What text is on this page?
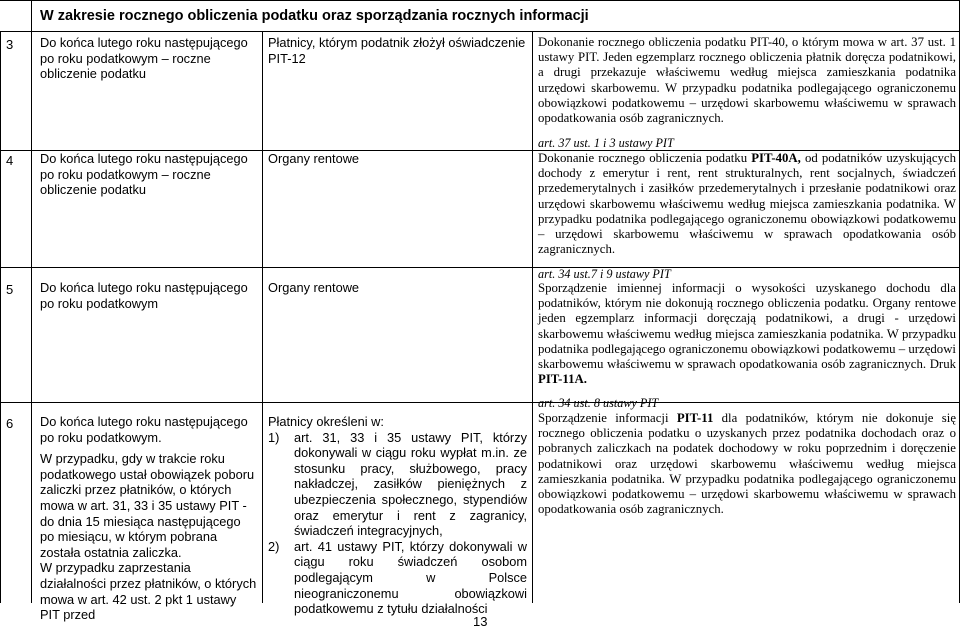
W zakresie rocznego obliczenia podatku oraz sporządzania rocznych informacji
3 Do końca lutego roku następującego po roku podatkowym – roczne obliczenie podatku
Płatnicy, którym podatnik złożył oświadczenie PIT-12
Dokonanie rocznego obliczenia podatku PIT-40, o którym mowa w art. 37 ust. 1 ustawy PIT. Jeden egzemplarz rocznego obliczenia płatnik doręcza podatnikowi, a drugi przekazuje właściwemu według miejsca zamieszkania podatnika urzędowi skarbowemu. W przypadku podatnika podlegającego ograniczonemu obowiązkowi podatkowemu – urzędowi skarbowemu właściwemu w sprawach opodatkowania osób zagranicznych.
4 Do końca lutego roku następującego po roku podatkowym – roczne obliczenie podatku
Organy rentowe
art. 37 ust. 1 i 3 ustawy PIT
Dokonanie rocznego obliczenia podatku PIT-40A, od podatników uzyskujących dochody z emerytur i rent, rent strukturalnych, rent socjalnych, świadczeń przedemerytalnych i zasiłków przedemerytalnych i przesłanie podatnikowi oraz urzędowi skarbowemu właściwemu według miejsca zamieszkania podatnika. W przypadku podatnika podlegającego ograniczonemu obowiązkowi podatkowemu – urzędowi skarbowemu właściwemu w sprawach opodatkowania osób zagranicznych.
5 Do końca lutego roku następującego po roku podatkowym
Organy rentowe
art. 34 ust.7 i 9 ustawy PIT
Sporządzenie imiennej informacji o wysokości uzyskanego dochodu dla podatników, którym nie dokonują rocznego obliczenia podatku. Organy rentowe jeden egzemplarz informacji doręczają podatnikowi, a drugi - urzędowi skarbowemu właściwemu według miejsca zamieszkania podatnika. W przypadku podatnika podlegającego ograniczonemu obowiązkowi podatkowemu – urzędowi skarbowemu właściwemu w sprawach opodatkowania osób zagranicznych. Druk PIT-11A.
6 Do końca lutego roku następującego po roku podatkowym.
W przypadku, gdy w trakcie roku podatkowego ustał obowiązek poboru zaliczki przez płatników, o których mowa w art. 31, 33 i 35 ustawy PIT - do dnia 15 miesiąca następującego po miesiącu, w którym pobrana została ostatnia zaliczka.
W przypadku zaprzestania działalności przez płatników, o których mowa w art. 42 ust. 2 pkt 1 ustawy PIT przed
Płatnicy określeni w:
1) art. 31, 33 i 35 ustawy PIT, którzy dokonywali w ciągu roku wypłat m.in. ze stosunku pracy, służbowego, pracy nakładczej, zasiłków pieniężnych z ubezpieczenia społecznego, stypendiów oraz emerytur i rent z zagranicy, świadczeń integracyjnych,
2) art. 41 ustawy PIT, którzy dokonywali w ciągu roku świadczeń osobom podlegającym w Polsce nieograniczonemu obowiązkowi podatkowemu z tytułu działalności
art. 34 ust. 8 ustawy PIT
Sporządzenie informacji PIT-11 dla podatników, którym nie dokonuje się rocznego obliczenia podatku o uzyskanych przez podatnika dochodach oraz o pobranych zaliczkach na podatek dochodowy w roku poprzednim i doręczenie podatnikowi oraz urzędowi skarbowemu właściwemu według miejsca zamieszkania podatnika. W przypadku podatnika podlegającego ograniczonemu obowiązkowi podatkowemu – urzędowi skarbowemu właściwemu w sprawach opodatkowania osób zagranicznych.
13
